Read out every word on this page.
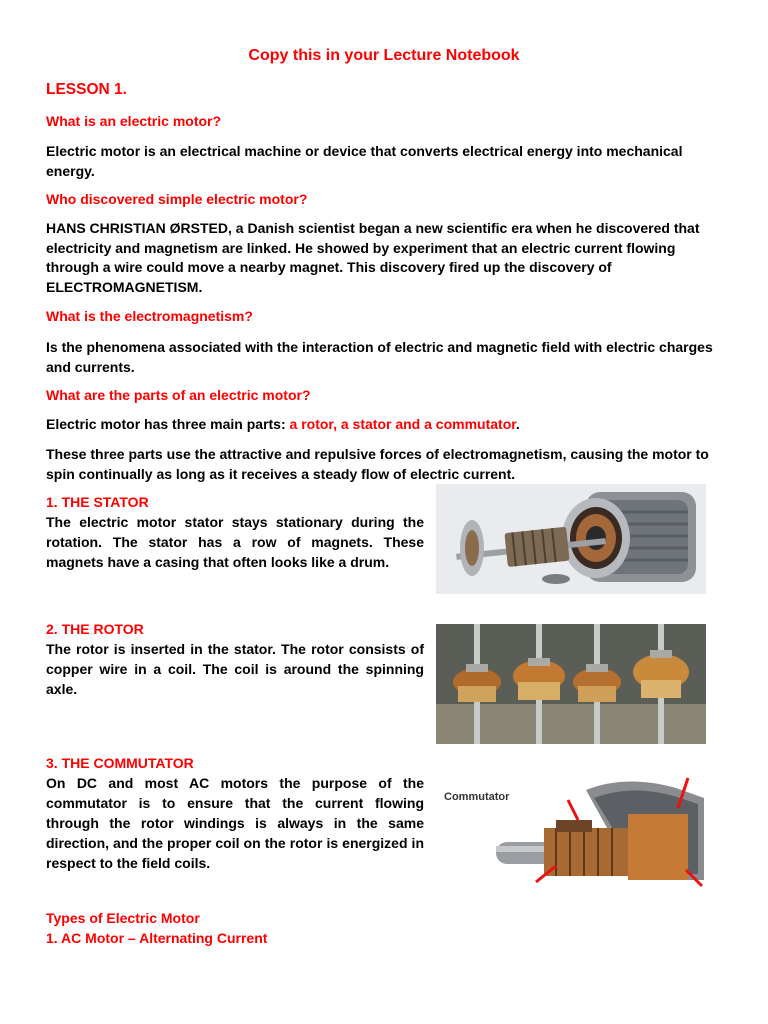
Copy this in your Lecture Notebook
LESSON 1.
What is an electric motor?
Electric motor is an electrical machine or device that converts electrical energy into mechanical energy.
Who discovered simple electric motor?
HANS CHRISTIAN ØRSTED, a Danish scientist began a new scientific era when he discovered that electricity and magnetism are linked. He showed by experiment that an electric current flowing through a wire could move a nearby magnet. This discovery fired up the discovery of ELECTROMAGNETISM.
What is the electromagnetism?
Is the phenomena associated with the interaction of electric and magnetic field with electric charges and currents.
What are the parts of an electric motor?
Electric motor has three main parts: a rotor, a stator and a commutator.
These three parts use the attractive and repulsive forces of electromagnetism, causing the motor to spin continually as long as it receives a steady flow of electric current.
1. THE STATOR
The electric motor stator stays stationary during the rotation. The stator has a row of magnets. These magnets have a casing that often looks like a drum.
2. THE ROTOR
The rotor is inserted in the stator. The rotor consists of copper wire in a coil. The coil is around the spinning axle.
3. THE COMMUTATOR
On DC and most AC motors the purpose of the commutator is to ensure that the current flowing through the rotor windings is always in the same direction, and the proper coil on the rotor is energized in respect to the field coils.
Commutator
Types of Electric Motor
1. AC Motor – Alternating Current
